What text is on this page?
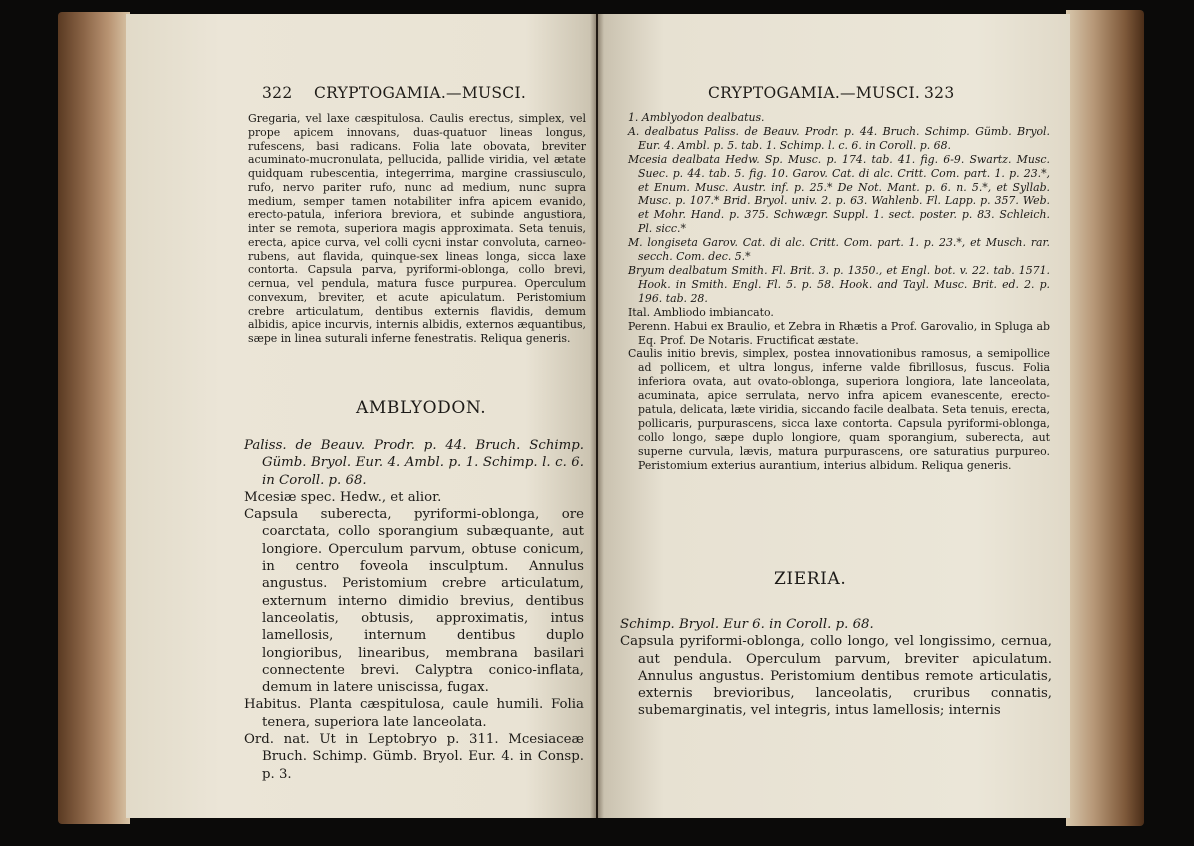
322 CRYPTOGAMIA.—MUSCI.

Gregaria, vel laxe cæspitulosa. Caulis erectus, simplex, vel prope apicem innovans, duas-quatuor lineas longus, rufescens, basi radicans. Folia late obovata, breviter acuminato-mucronulata, pellucida, pallide viridia, vel ætate quidquam rubescentia, integerrima, margine crassiusculo, rufo, nervo pariter rufo, nunc ad medium, nunc supra medium, semper tamen notabiliter infra apicem evanido, erecto-patula, inferiora breviora, et subinde angustiora, inter se remota, superiora magis approximata. Seta tenuis, erecta, apice curva, vel colli cycni instar convoluta, carneo-rubens, aut flavida, quinque-sex lineas longa, sicca laxe contorta. Capsula parva, pyriformi-oblonga, collo brevi, cernua, vel pendula, matura fusce purpurea. Operculum convexum, breviter, et acute apiculatum. Peristomium crebre articulatum, dentibus externis flavidis, demum albidis, apice incurvis, internis albidis, externos æquantibus, sæpe in linea suturali inferne fenestratis. Reliqua generis.

AMBLYODON.

Paliss. de Beauv. Prodr. p. 44. Bruch. Schimp. Gümb. Bryol. Eur. 4. Ambl. p. 1. Schimp. l. c. 6. in Coroll. p. 68.

Mcesiæ spec. Hedw., et alior.

Capsula suberecta, pyriformi-oblonga, ore coarctata, collo sporangium subæquante, aut longiore. Operculum parvum, obtuse conicum, in centro foveola insculptum. Annulus angustus. Peristomium crebre articulatum, externum interno dimidio brevius, dentibus lanceolatis, obtusis, approximatis, intus lamellosis, internum dentibus duplo longioribus, linearibus, membrana basilari connectente brevi. Calyptra conico-inflata, demum in latere uniscissa, fugax.

Habitus. Planta cæspitulosa, caule humili. Folia tenera, superiora late lanceolata.

Ord. nat. Ut in Leptobryo p. 311. Mcesiaceæ Bruch. Schimp. Gümb. Bryol. Eur. 4. in Consp. p. 3.

CRYPTOGAMIA.—MUSCI. 323

1. Amblyodon dealbatus.

A. dealbatus Paliss. de Beauv. Prodr. p. 44. Bruch. Schimp. Gümb. Bryol. Eur. 4. Ambl. p. 5. tab. 1. Schimp. l. c. 6. in Coroll. p. 68.

Mcesia dealbata Hedw. Sp. Musc. p. 174. tab. 41. fig. 6-9. Swartz. Musc. Suec. p. 44. tab. 5. fig. 10. Garov. Cat. di alc. Critt. Com. part. 1. p. 23.*, et Enum. Musc. Austr. inf. p. 25.* De Not. Mant. p. 6. n. 5.*, et Syllab. Musc. p. 107.* Brid. Bryol. univ. 2. p. 63. Wahlenb. Fl. Lapp. p. 357. Web. et Mohr. Hand. p. 375. Schwægr. Suppl. 1. sect. poster. p. 83. Schleich. Pl. sicc.*

M. longiseta Garov. Cat. di alc. Critt. Com. part. 1. p. 23.*, et Musch. rar. secch. Com. dec. 5.*

Bryum dealbatum Smith. Fl. Brit. 3. p. 1350., et Engl. bot. v. 22. tab. 1571. Hook. in Smith. Engl. Fl. 5. p. 58. Hook. and Tayl. Musc. Brit. ed. 2. p. 196. tab. 28.

Ital. Ambliodo imbiancato.

Perenn. Habui ex Braulio, et Zebra in Rhætis a Prof. Garovalio, in Spluga ab Eq. Prof. De Notaris. Fructificat æstate.

Caulis initio brevis, simplex, postea innovationibus ramosus, a semipollice ad pollicem, et ultra longus, inferne valde fibrillosus, fuscus. Folia inferiora ovata, aut ovato-oblonga, superiora longiora, late lanceolata, acuminata, apice serrulata, nervo infra apicem evanescente, erecto-patula, delicata, læte viridia, siccando facile dealbata. Seta tenuis, erecta, pollicaris, purpurascens, sicca laxe contorta. Capsula pyriformi-oblonga, collo longo, sæpe duplo longiore, quam sporangium, suberecta, aut superne curvula, lævis, matura purpurascens, ore saturatius purpureo. Peristomium exterius aurantium, interius albidum. Reliqua generis.

ZIERIA.

Schimp. Bryol. Eur 6. in Coroll. p. 68.

Capsula pyriformi-oblonga, collo longo, vel longissimo, cernua, aut pendula. Operculum parvum, breviter apiculatum. Annulus angustus. Peristomium dentibus remote articulatis, externis brevioribus, lanceolatis, cruribus connatis, subemarginatis, vel integris, intus lamellosis; internis
